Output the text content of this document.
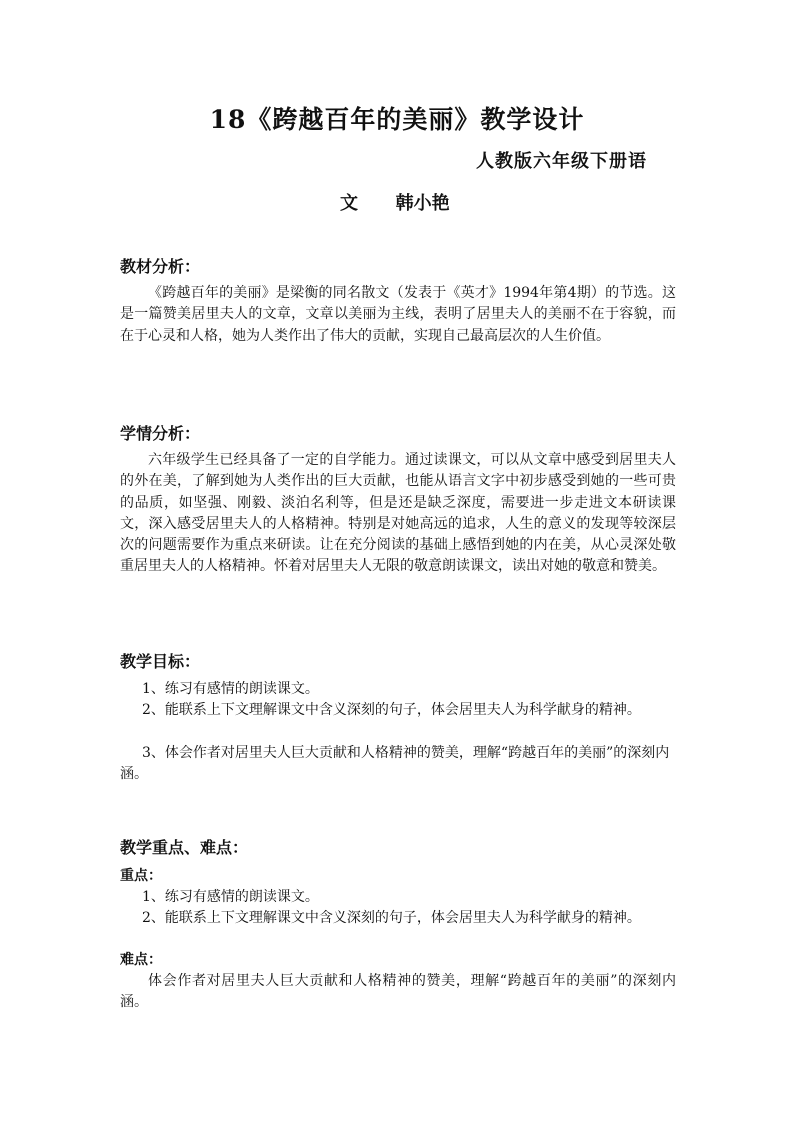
18《跨越百年的美丽》教学设计
人教版六年级下册语
文      韩小艳
教材分析：

《跨越百年的美丽》是梁衡的同名散文（发表于《英才》1994年第4期）的节选。这是一篇赞美居里夫人的文章，文章以美丽为主线，表明了居里夫人的美丽不在于容貌，而在于心灵和人格，她为人类作出了伟大的贡献，实现自己最高层次的人生价值。

学情分析：

六年级学生已经具备了一定的自学能力。通过读课文，可以从文章中感受到居里夫人的外在美，了解到她为人类作出的巨大贡献，也能从语言文字中初步感受到她的一些可贵的品质，如坚强、刚毅、淡泊名利等，但是还是缺乏深度，需要进一步走进文本研读课文，深入感受居里夫人的人格精神。特别是对她高远的追求，人生的意义的发现等较深层次的问题需要作为重点来研读。让在充分阅读的基础上感悟到她的内在美，从心灵深处敬重居里夫人的人格精神。怀着对居里夫人无限的敬意朗读课文，读出对她的敬意和赞美。

教学目标：

1、练习有感情的朗读课文。

2、能联系上下文理解课文中含义深刻的句子，体会居里夫人为科学献身的精神。

3、体会作者对居里夫人巨大贡献和人格精神的赞美，理解“跨越百年的美丽”的深刻内涵。

教学重点、难点：
重点：

1、练习有感情的朗读课文。

2、能联系上下文理解课文中含义深刻的句子，体会居里夫人为科学献身的精神。

难点：

体会作者对居里夫人巨大贡献和人格精神的赞美，理解“跨越百年的美丽”的深刻内涵。
